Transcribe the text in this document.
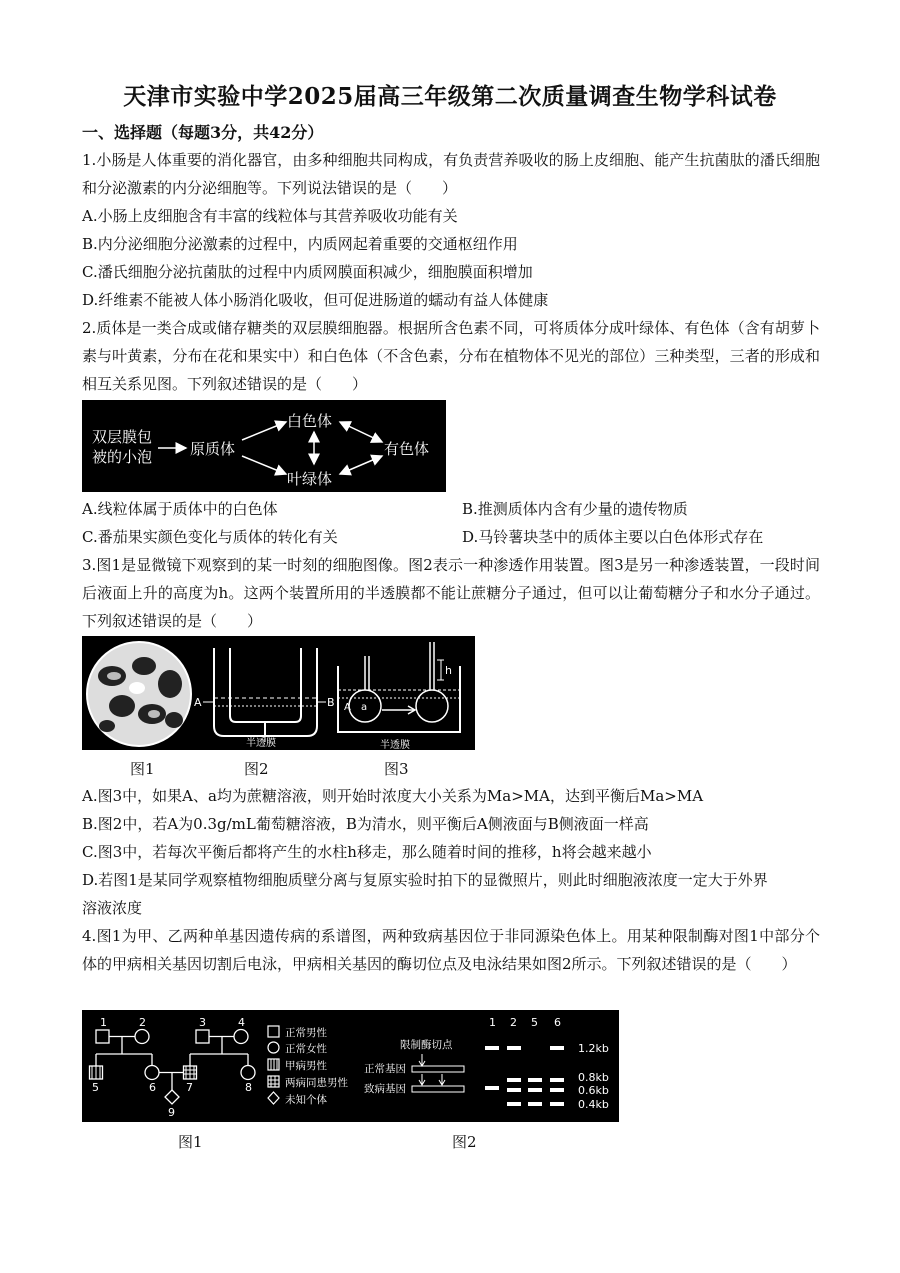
天津市实验中学2025届高三年级第二次质量调查生物学科试卷
一、选择题（每题3分，共42分）
1.小肠是人体重要的消化器官，由多种细胞共同构成，有负责营养吸收的肠上皮细胞、能产生抗菌肽的潘氏细胞和分泌激素的内分泌细胞等。下列说法错误的是（　　）
A.小肠上皮细胞含有丰富的线粒体与其营养吸收功能有关
B.内分泌细胞分泌激素的过程中，内质网起着重要的交通枢纽作用
C.潘氏细胞分泌抗菌肽的过程中内质网膜面积减少，细胞膜面积增加
D.纤维素不能被人体小肠消化吸收，但可促进肠道的蠕动有益人体健康
2.质体是一类合成或储存糖类的双层膜细胞器。根据所含色素不同，可将质体分成叶绿体、有色体（含有胡萝卜素与叶黄素，分布在花和果实中）和白色体（不含色素，分布在植物体不见光的部位）三种类型，三者的形成和相互关系见图。下列叙述错误的是（　　）
双层膜包
被的小泡	原质体
白色体
叶绿体
有色体
A.线粒体属于质体中的白色体	B.推测质体内含有少量的遗传物质
C.番茄果实颜色变化与质体的转化有关	D.马铃薯块茎中的质体主要以白色体形式存在
3.图1是显微镜下观察到的某一时刻的细胞图像。图2表示一种渗透作用装置。图3是另一种渗透装置，一段时间后液面上升的高度为h。这两个装置所用的半透膜都不能让蔗糖分子通过，但可以让葡萄糖分子和水分子通过。下列叙述错误的是（　　）
A	B
半透膜
A a
h
半透膜
图1	图2	图3
A.图3中，如果A、a均为蔗糖溶液，则开始时浓度大小关系为Ma>MA，达到平衡后Ma>MA
B.图2中，若A为0.3g/mL葡萄糖溶液，B为清水，则平衡后A侧液面与B侧液面一样高
C.图3中，若每次平衡后都将产生的水柱h移走，那么随着时间的推移，h将会越来越小
D.若图1是某同学观察植物细胞质壁分离与复原实验时拍下的显微照片，则此时细胞液浓度一定大于外界
溶液浓度
4.图1为甲、乙两种单基因遗传病的系谱图，两种致病基因位于非同源染色体上。用某种限制酶对图1中部分个体的甲病相关基因切割后电泳，甲病相关基因的酶切位点及电泳结果如图2所示。下列叙述错误的是（　　）
1	2	3	4
5	6	7	8
9
正常男性
正常女性
甲病男性
两病同患男性
未知个体
限制酶切点
正常基因
致病基因
1 2 5 6
1.2kb
0.8kb
0.6kb
0.4kb
图1	图2
